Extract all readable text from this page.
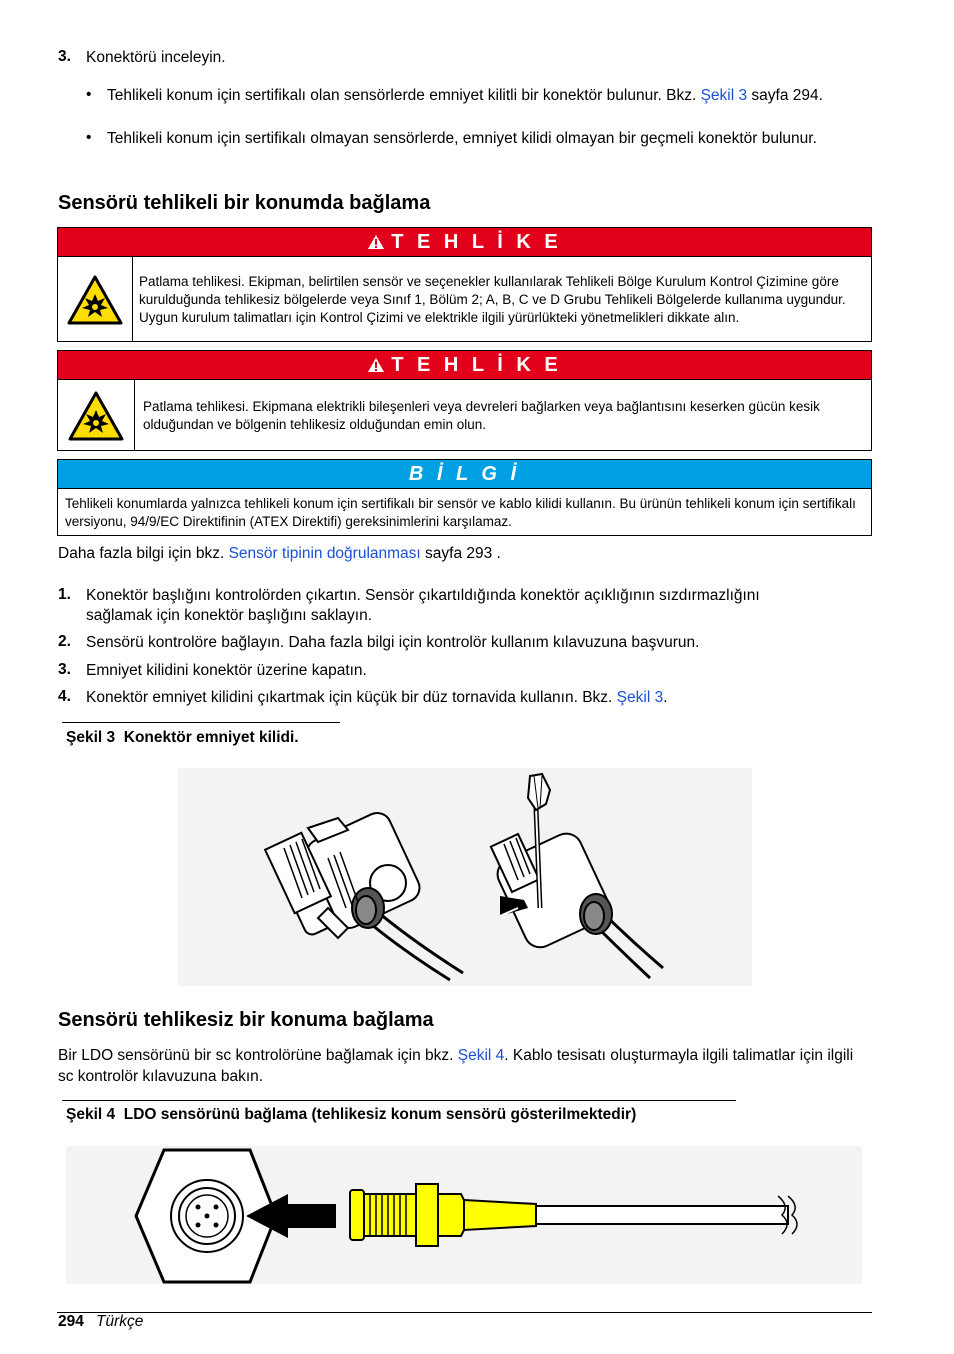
3. Konektörü inceleyin.
• Tehlikeli konum için sertifikalı olan sensörlerde emniyet kilitli bir konektör bulunur. Bkz. Şekil 3 sayfa 294.
• Tehlikeli konum için sertifikalı olmayan sensörlerde, emniyet kilidi olmayan bir geçmeli konektör bulunur.
Sensörü tehlikeli bir konumda bağlama
T E H L İ K E
Patlama tehlikesi. Ekipman, belirtilen sensör ve seçenekler kullanılarak Tehlikeli Bölge Kurulum Kontrol Çizimine göre kurulduğunda tehlikesiz bölgelerde veya Sınıf 1, Bölüm 2; A, B, C ve D Grubu Tehlikeli Bölgelerde kullanıma uygundur. Uygun kurulum talimatları için Kontrol Çizimi ve elektrikle ilgili yürürlükteki yönetmelikleri dikkate alın.
T E H L İ K E
Patlama tehlikesi. Ekipmana elektrikli bileşenleri veya devreleri bağlarken veya bağlantısını keserken gücün kesik olduğundan ve bölgenin tehlikesiz olduğundan emin olun.
B İ L G İ
Tehlikeli konumlarda yalnızca tehlikeli konum için sertifikalı bir sensör ve kablo kilidi kullanın. Bu ürünün tehlikeli konum için sertifikalı versiyonu, 94/9/EC Direktifinin (ATEX Direktifi) gereksinimlerini karşılamaz.
Daha fazla bilgi için bkz. Sensör tipinin doğrulanması sayfa 293 .
1. Konektör başlığını kontrolörden çıkartın. Sensör çıkartıldığında konektör açıklığının sızdırmazlığını sağlamak için konektör başlığını saklayın.
2. Sensörü kontrolöre bağlayın. Daha fazla bilgi için kontrolör kullanım kılavuzuna başvurun.
3. Emniyet kilidini konektör üzerine kapatın.
4. Konektör emniyet kilidini çıkartmak için küçük bir düz tornavida kullanın. Bkz. Şekil 3.
Şekil 3 Konektör emniyet kilidi.
Sensörü tehlikesiz bir konuma bağlama
Bir LDO sensörünü bir sc kontrolörüne bağlamak için bkz. Şekil 4. Kablo tesisatı oluşturmayla ilgili talimatlar için ilgili sc kontrolör kılavuzuna bakın.
Şekil 4 LDO sensörünü bağlama (tehlikesiz konum sensörü gösterilmektedir)
294 Türkçe
